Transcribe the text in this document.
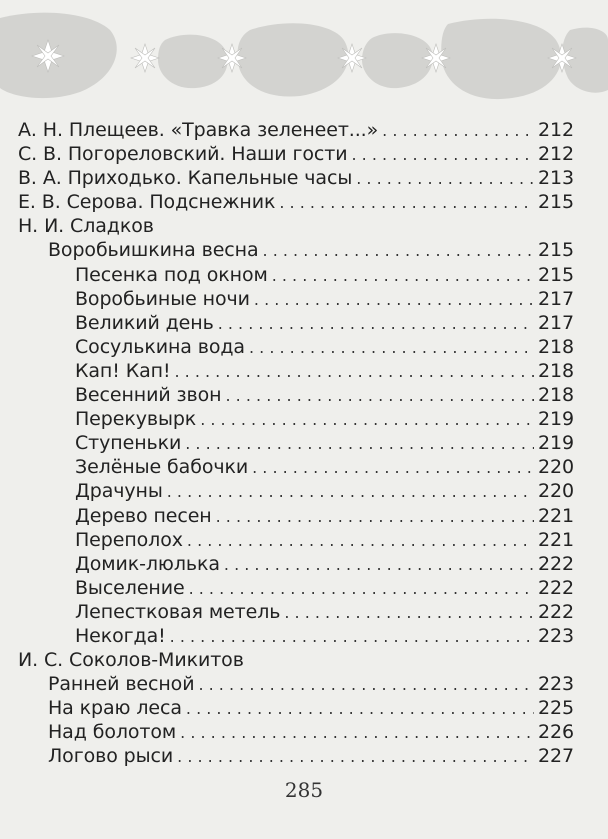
А. Н. Плещеев. «Травка зеленеет...» . . .	212
С. В. Погореловский. Наши гости . . .	212
В. А. Приходько. Капельные часы . . .	213
Е. В. Серова. Подснежник . . .	215
Н. И. Сладков
Воробьишкина весна . . .	215
Песенка под окном . . .	215
Воробьиные ночи . . .	217
Великий день . . .	217
Сосулькина вода . . .	218
Кап! Кап! . . .	218
Весенний звон . . .	218
Перекувырк . . .	219
Ступеньки . . .	219
Зелёные бабочки . . .	220
Драчуны . . .	220
Дерево песен . . .	221
Переполох . . .	221
Домик-люлька . . .	222
Выселение . . .	222
Лепестковая метель . . .	222
Некогда! . . .	223
И. С. Соколов-Микитов
Ранней весной . . .	223
На краю леса . . .	225
Над болотом . . .	226
Логово рыси . . .	227
285
